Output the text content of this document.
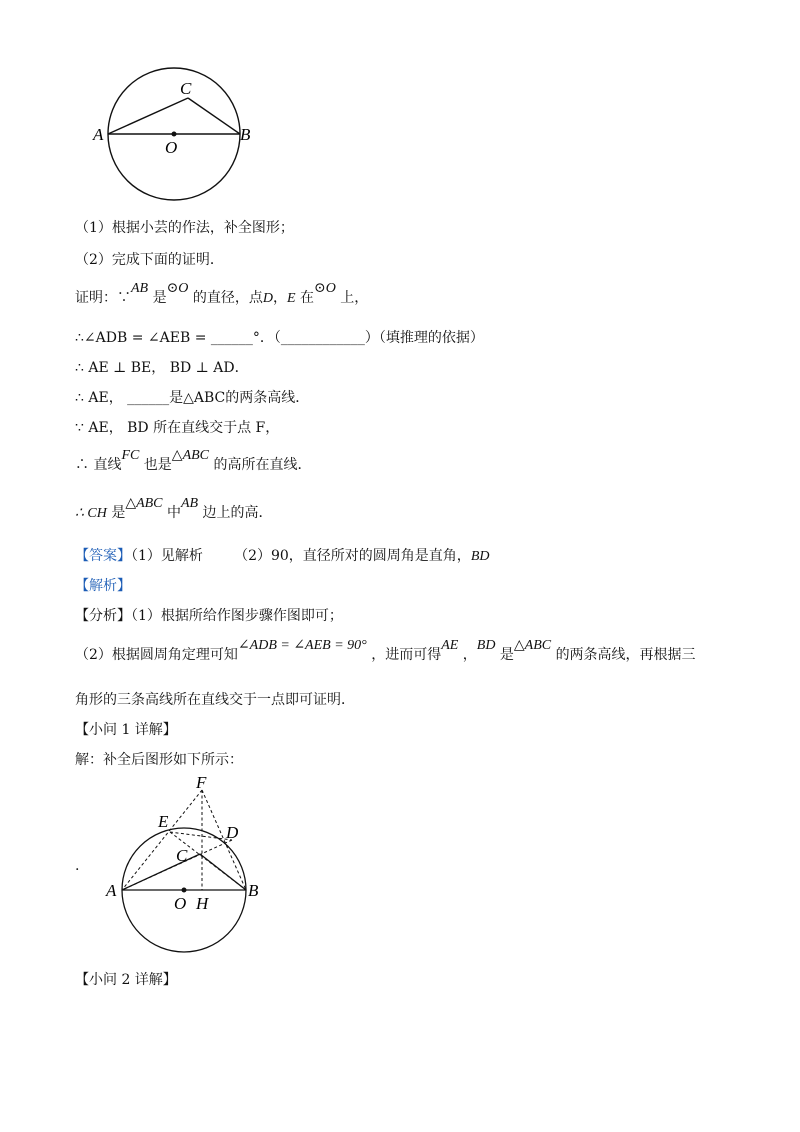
A	B
C
O
（1）根据小芸的作法，补全图形；
（2）完成下面的证明．
证明：∵AB 是⊙O 的直径，点D，E 在⊙O 上，
∴∠ADB = ∠AEB = ______°．（____________）（填推理的依据）
∴ AE ⊥ BE， BD ⊥ AD．
∴ AE， ______是△ABC的两条高线．
∵ AE， BD 所在直线交于点 F，
∴ 直线FC 也是△ABC 的高所在直线．
∴ CH 是△ABC 中AB 边上的高．
【答案】（1）见解析 （2）90，直径所对的圆周角是直角，BD
【解析】
【分析】（1）根据所给作图步骤作图即可；
（2）根据圆周角定理可知∠ADB = ∠AEB = 90° ，进而可得AE ，BD 是△ABC 的两条高线，再根据三
角形的三条高线所在直线交于一点即可证明．
【小问 1 详解】
解：补全后图形如下所示：
.
F
E
D
C
A	B
O H
【小问 2 详解】
